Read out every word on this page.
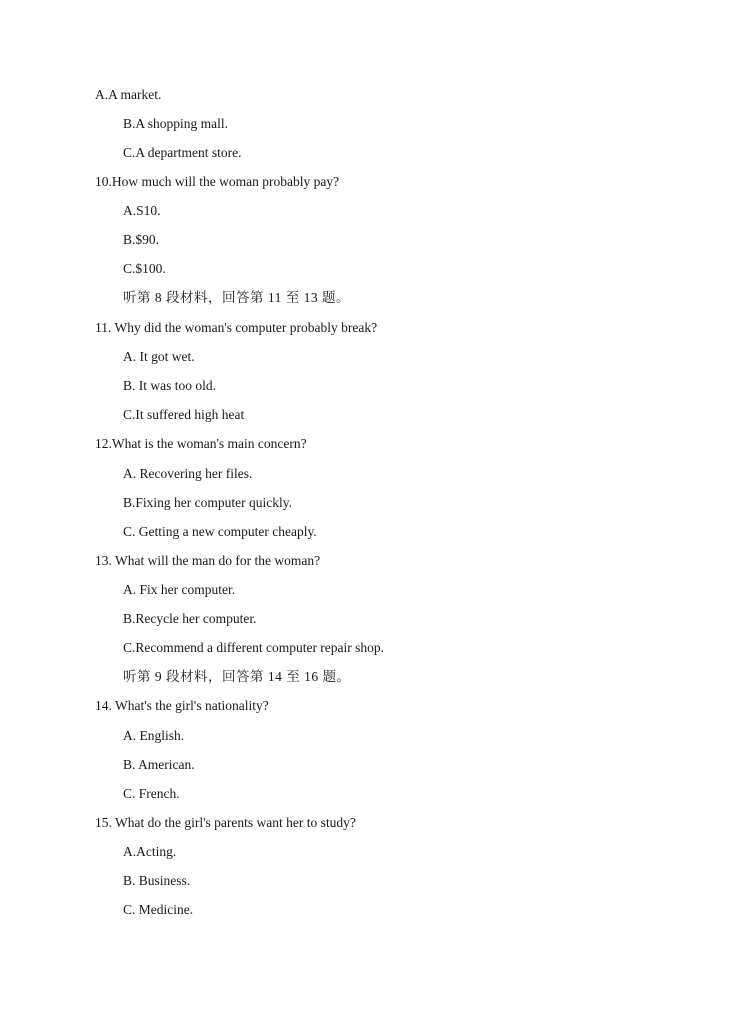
A.A market.
B.A shopping mall.
C.A department store.
10.How much will the woman probably pay?
A.S10.
B.$90.
C.$100.
听第 8 段材料，回答第 11 至 13 题。
11. Why did the woman's computer probably break?
A. It got wet.
B. It was too old.
C.It suffered high heat
12.What is the woman's main concern?
A. Recovering her files.
B.Fixing her computer quickly.
C. Getting a new computer cheaply.
13. What will the man do for the woman?
A. Fix her computer.
B.Recycle her computer.
C.Recommend a different computer repair shop.
听第 9 段材料，回答第 14 至 16 题。
14. What's the girl's nationality?
A. English.
B. American.
C. French.
15. What do the girl's parents want her to study?
A.Acting.
B. Business.
C. Medicine.
